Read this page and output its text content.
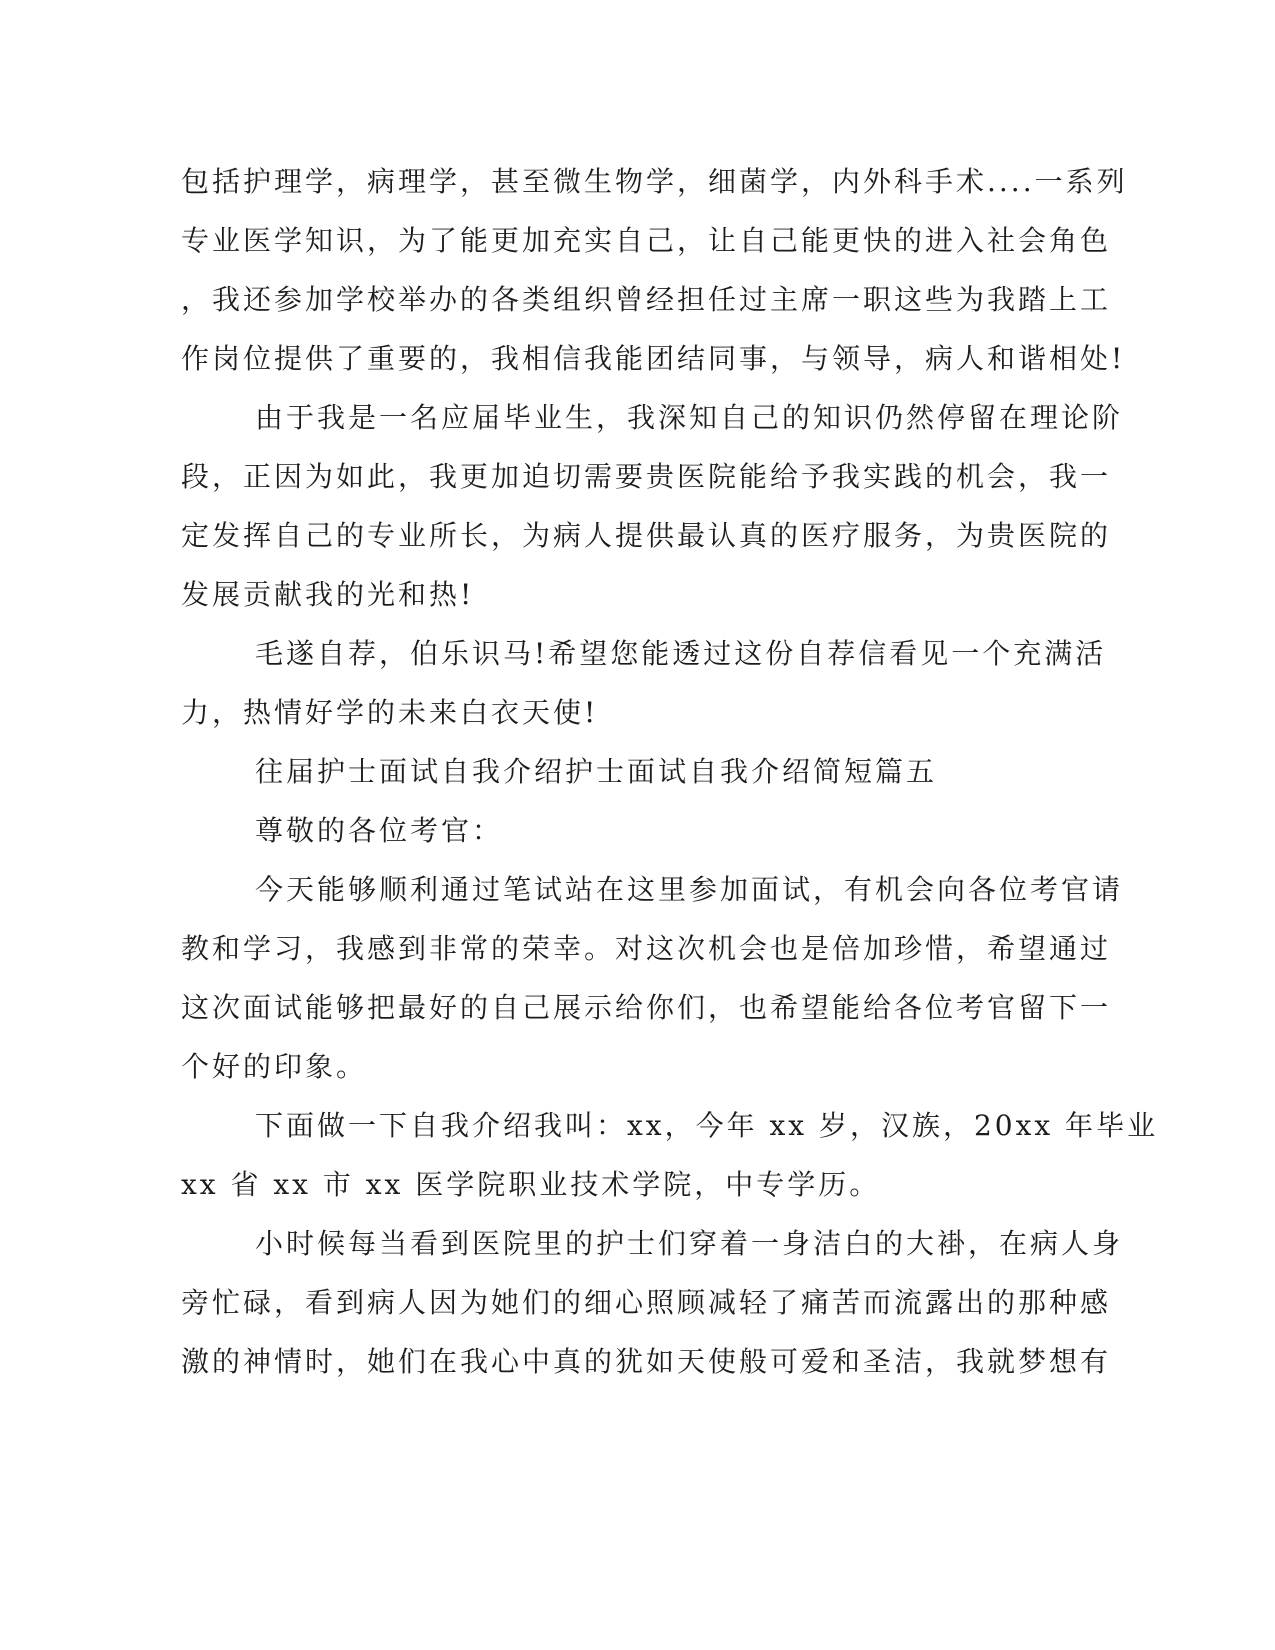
包括护理学，病理学，甚至微生物学，细菌学，内外科手术....一系列
专业医学知识，为了能更加充实自己，让自己能更快的进入社会角色
，我还参加学校举办的各类组织曾经担任过主席一职这些为我踏上工
作岗位提供了重要的，我相信我能团结同事，与领导，病人和谐相处!
由于我是一名应届毕业生，我深知自己的知识仍然停留在理论阶
段，正因为如此，我更加迫切需要贵医院能给予我实践的机会，我一
定发挥自己的专业所长，为病人提供最认真的医疗服务，为贵医院的
发展贡献我的光和热!
毛遂自荐，伯乐识马!希望您能透过这份自荐信看见一个充满活
力，热情好学的未来白衣天使!
往届护士面试自我介绍护士面试自我介绍简短篇五
尊敬的各位考官：
今天能够顺利通过笔试站在这里参加面试，有机会向各位考官请
教和学习，我感到非常的荣幸。对这次机会也是倍加珍惜，希望通过
这次面试能够把最好的自己展示给你们，也希望能给各位考官留下一
个好的印象。
下面做一下自我介绍我叫：xx，今年 xx 岁，汉族，20xx 年毕业
xx 省 xx 市 xx 医学院职业技术学院，中专学历。
小时候每当看到医院里的护士们穿着一身洁白的大褂，在病人身
旁忙碌，看到病人因为她们的细心照顾减轻了痛苦而流露出的那种感
激的神情时，她们在我心中真的犹如天使般可爱和圣洁，我就梦想有
